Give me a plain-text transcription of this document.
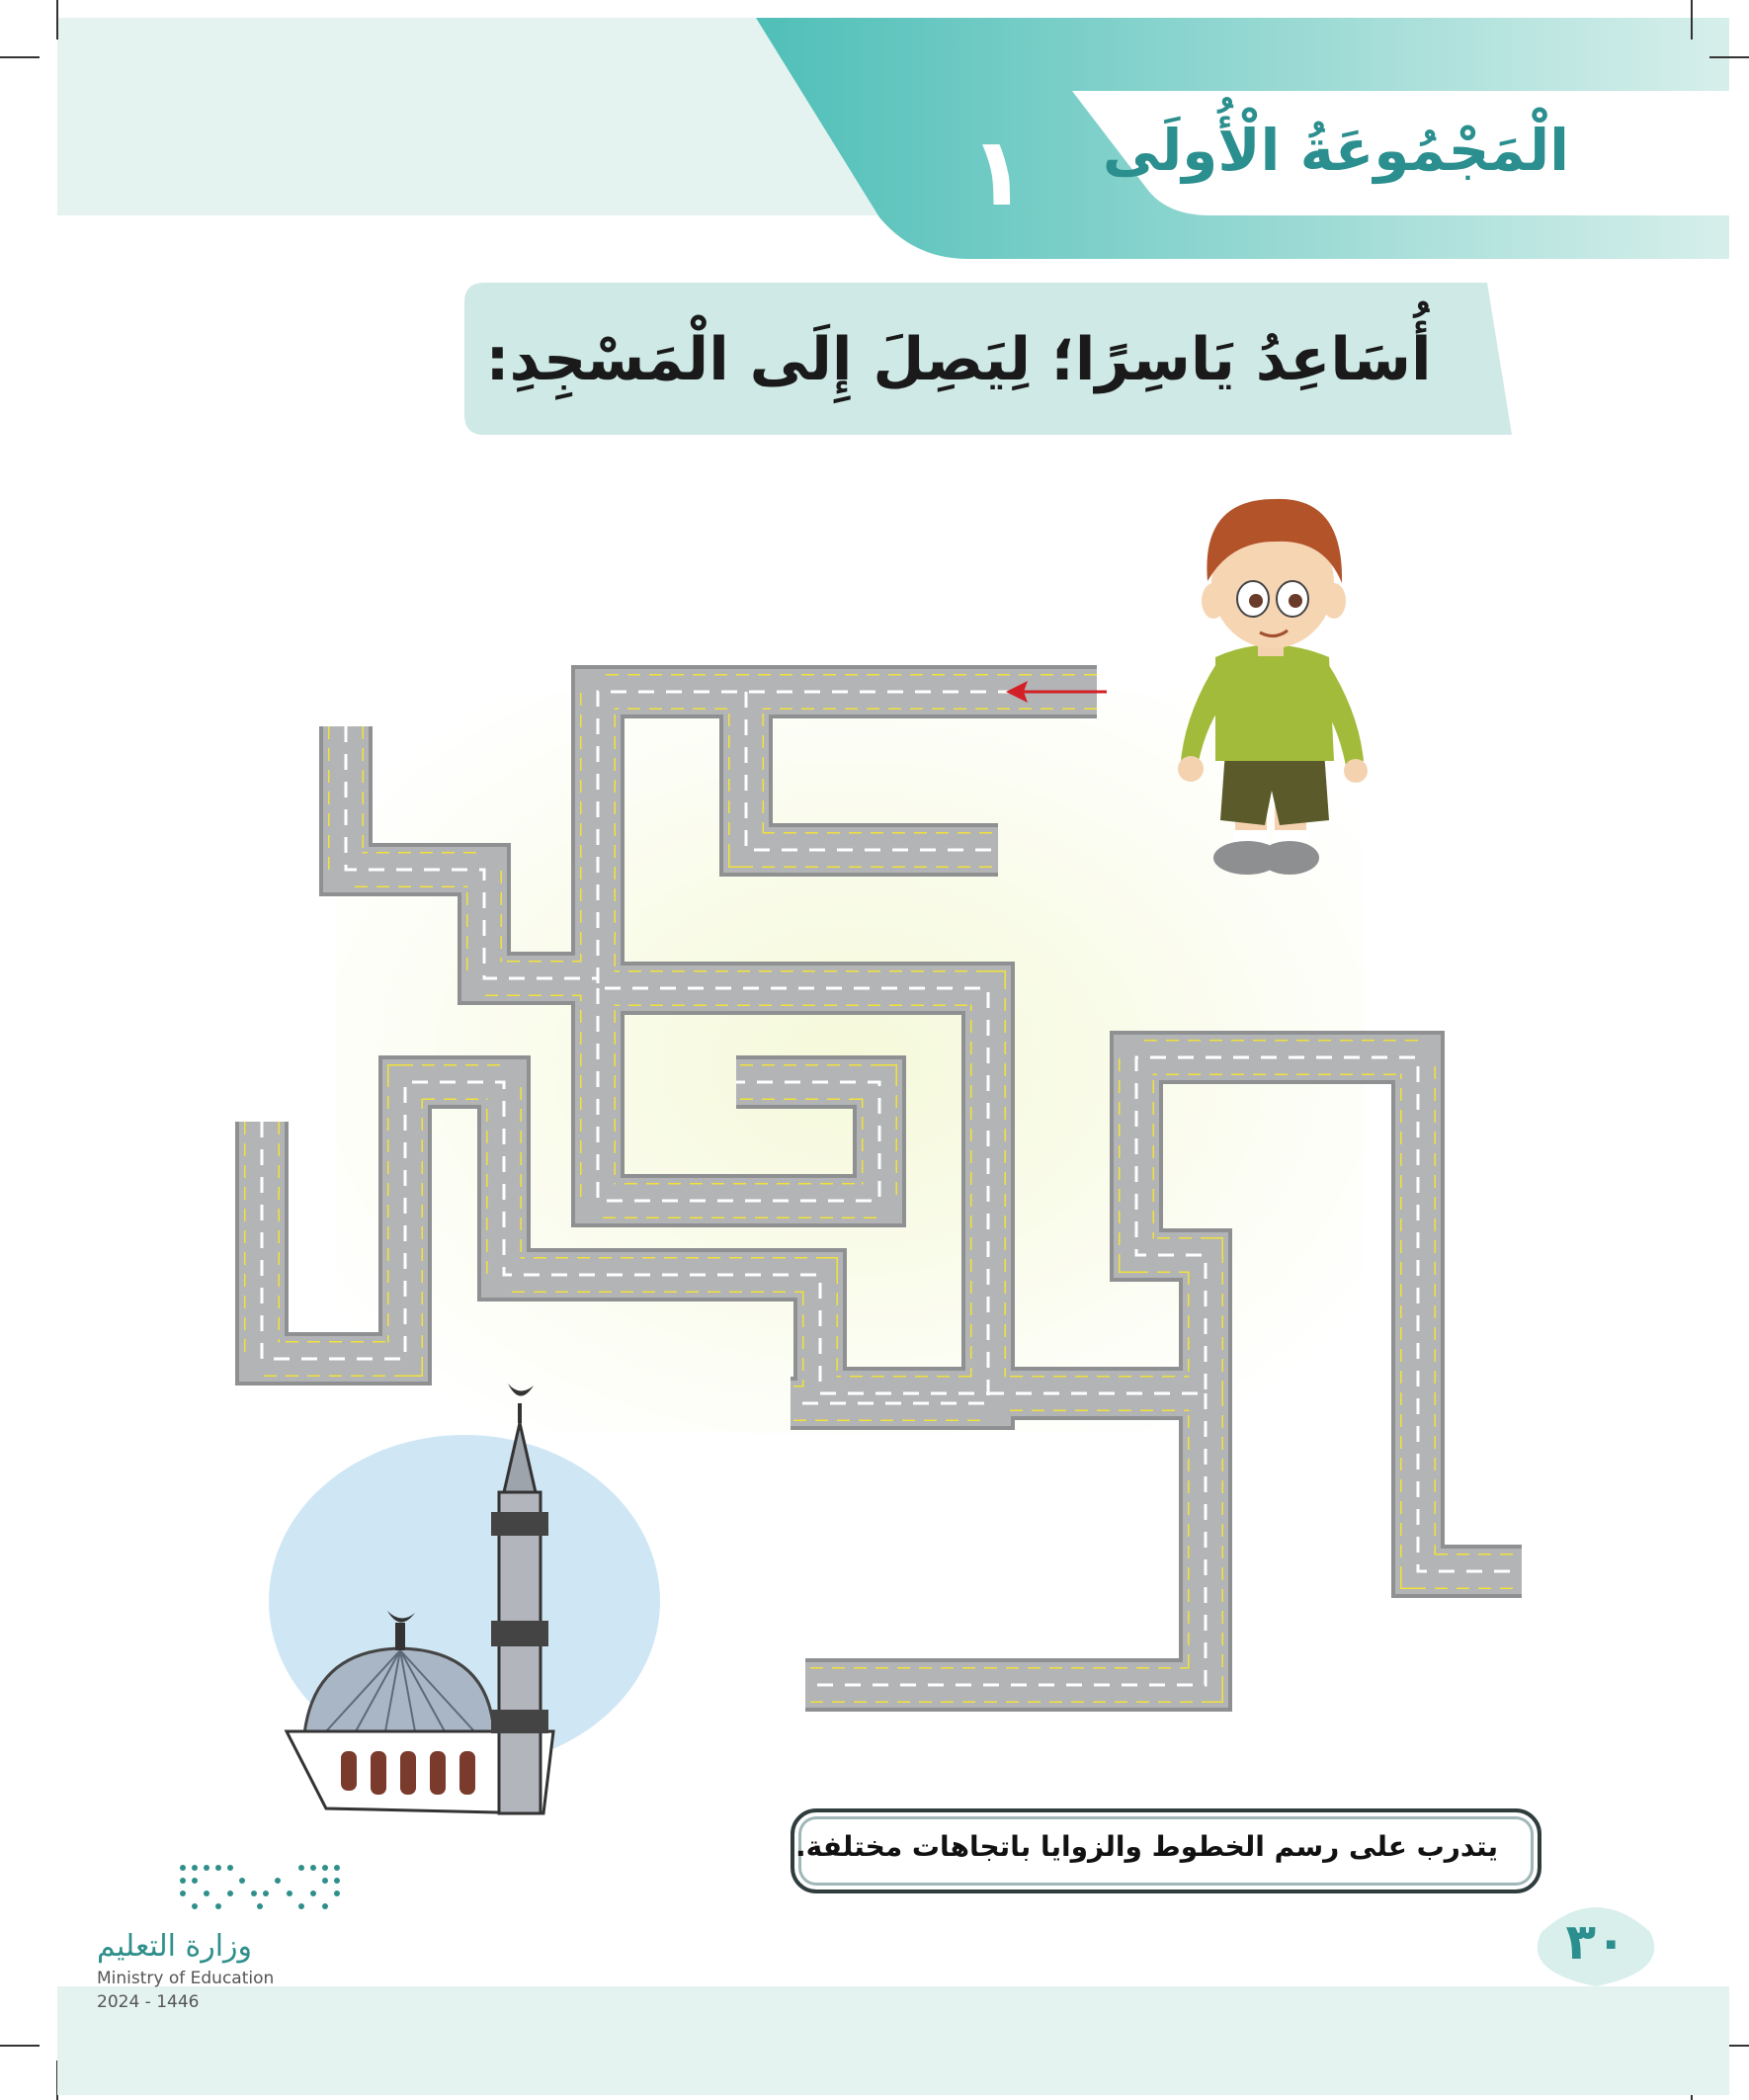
الْمَجْمُوعَةُ الْأُولَى
١
أُسَاعِدُ يَاسِرًا؛ لِيَصِلَ إِلَى الْمَسْجِدِ:
يتدرب على رسم الخطوط والزوايا باتجاهات مختلفة.
٣٠
وزارة التعليم
Ministry of Education
2024 - 1446
